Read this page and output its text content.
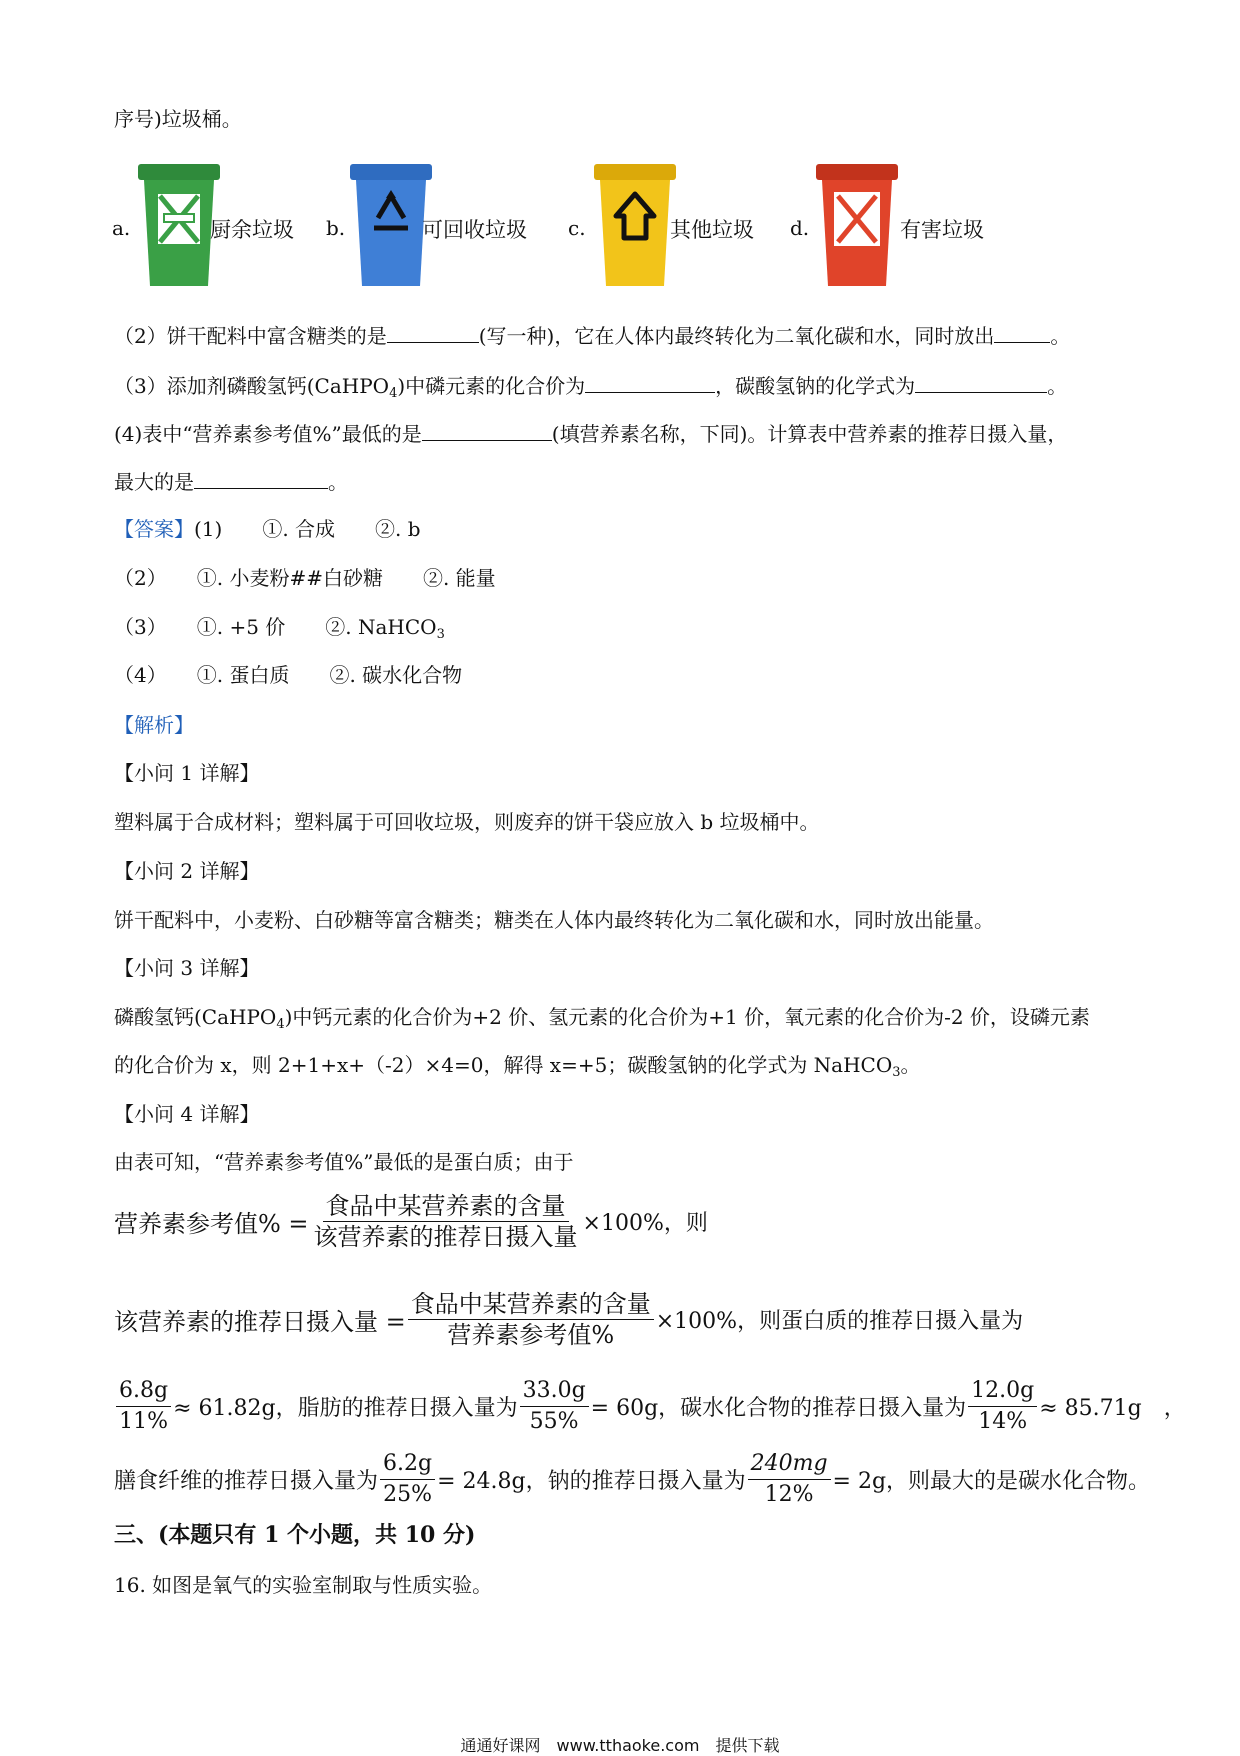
序号)垃圾桶。
a.	厨余垃圾 b.	可回收垃圾 c.	其他垃圾 d.	有害垃圾
（2）饼干配料中富含糖类的是	(写一种)，它在人体内最终转化为二氧化碳和水，同时放出	。
（3）添加剂磷酸氢钙(CaHPO$_4$)中磷元素的化合价为	，碳酸氢钠的化学式为	。
(4)表中“营养素参考值%”最低的是	(填营养素名称，下同)。计算表中营养素的推荐日摄入量，
最大的是	。
【答案】(1)　　①. 合成　　②. b
（2）　　①. 小麦粉##白砂糖　　②. 能量
（3）　　①. +5 价　　②. NaHCO$_3$
（4）　　①. 蛋白质　　②. 碳水化合物
【解析】
【小问 1 详解】
塑料属于合成材料；塑料属于可回收垃圾，则废弃的饼干袋应放入 b 垃圾桶中。
【小问 2 详解】
饼干配料中，小麦粉、白砂糖等富含糖类；糖类在人体内最终转化为二氧化碳和水，同时放出能量。
【小问 3 详解】
磷酸氢钙(CaHPO$_4$)中钙元素的化合价为+2 价、氢元素的化合价为+1 价，氧元素的化合价为-2 价，设磷元素
的化合价为 x，则 2+1+x+（-2）×4=0，解得 x=+5；碳酸氢钠的化学式为 NaHCO$_3$。
【小问 4 详解】
由表可知，“营养素参考值%”最低的是蛋白质；由于
营养素参考值% = $\frac{\text{食品中某营养素的含量}}{\text{该营养素的推荐日摄入量}} \times 100\%$，则
该营养素的推荐日摄入量 = $\frac{\text{食品中某营养素的含量}}{\text{营养素参考值\%}} \times 100\%$，则蛋白质的推荐日摄入量为
$\frac{6.8g}{11\%} \approx 61.82g$，脂肪的推荐日摄入量为 $\frac{33.0g}{55\%} = 60g$，碳水化合物的推荐日摄入量为 $\frac{12.0g}{14\%} \approx 85.71g$　，
膳食纤维的推荐日摄入量为 $\frac{6.2g}{25\%} = 24.8g$，钠的推荐日摄入量为 $\frac{240mg}{12\%} = 2g$，则最大的是碳水化合物。
三、(本题只有 1 个小题，共 10 分)
16. 如图是氧气的实验室制取与性质实验。
通通好课网　www.tthaoke.com　提供下载
